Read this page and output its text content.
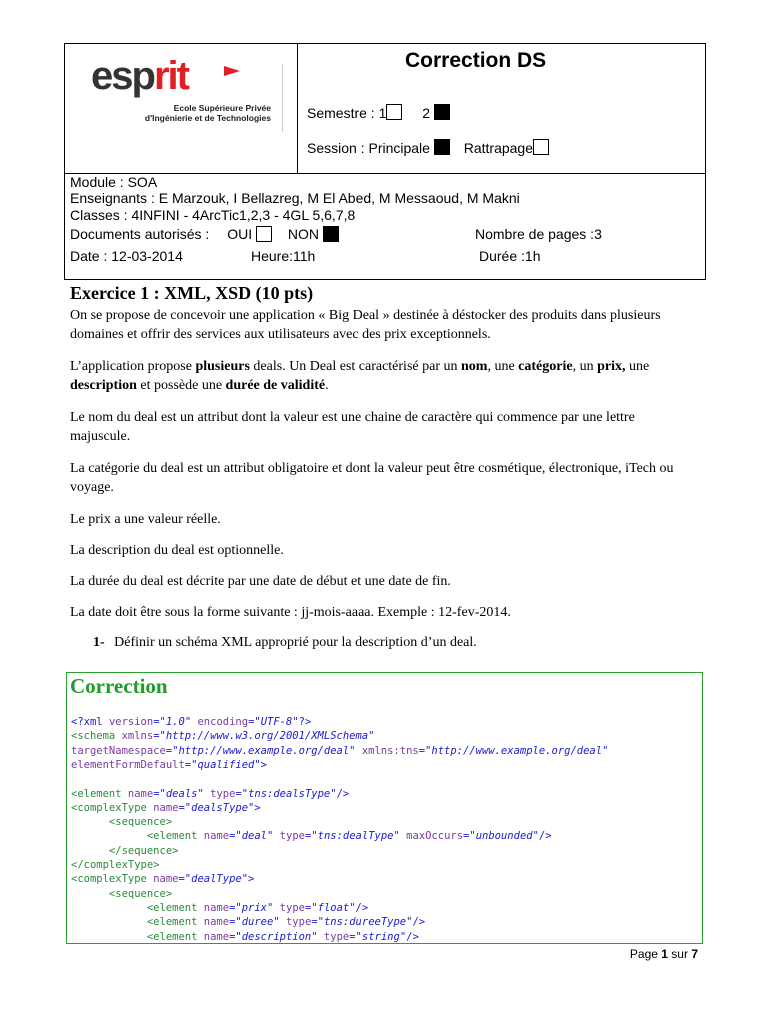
esprit
Ecole Supérieure Privée
d'Ingénierie et de Technologies
Correction DS
Semestre : 1	2
Session : Principale Rattrapage
Module : SOA
Enseignants : E Marzouk, I Bellazreg, M El Abed, M Messaoud, M Makni
Classes : 4INFINI - 4ArcTic1,2,3 - 4GL 5,6,7,8
Documents autorisés : OUI	NON	Nombre de pages :3
Date : 12-03-2014	Heure:11h	Durée :1h
Exercice 1 : XML, XSD (10 pts)
On se propose de concevoir une application « Big Deal » destinée à déstocker des produits dans plusieurs domaines et offrir des services aux utilisateurs avec des prix exceptionnels.
L’application propose plusieurs deals. Un Deal est caractérisé par un nom, une catégorie, un prix, une description et possède une durée de validité.
Le nom du deal est un attribut dont la valeur est une chaine de caractère qui commence par une lettre majuscule.
La catégorie du deal est un attribut obligatoire et dont la valeur peut être cosmétique, électronique, iTech ou voyage.
Le prix a une valeur réelle.
La description du deal est optionnelle.
La durée du deal est décrite par une date de début et une date de fin.
La date doit être sous la forme suivante : jj-mois-aaaa. Exemple : 12-fev-2014.
1- Définir un schéma XML approprié pour la description d’un deal.
Correction
<?xml version="1.0" encoding="UTF-8"?>
<schema xmlns="http://www.w3.org/2001/XMLSchema"
targetNamespace="http://www.example.org/deal" xmlns:tns="http://www.example.org/deal"
elementFormDefault="qualified">

<element name="deals" type="tns:dealsType"/>
<complexType name="dealsType">
<sequence>
<element name="deal" type="tns:dealType" maxOccurs="unbounded"/>
</sequence>
</complexType>
<complexType name="dealType">
<sequence>
<element name="prix" type="float"/>
<element name="duree" type="tns:dureeType"/>
<element name="description" type="string"/>
Page 1 sur 7
